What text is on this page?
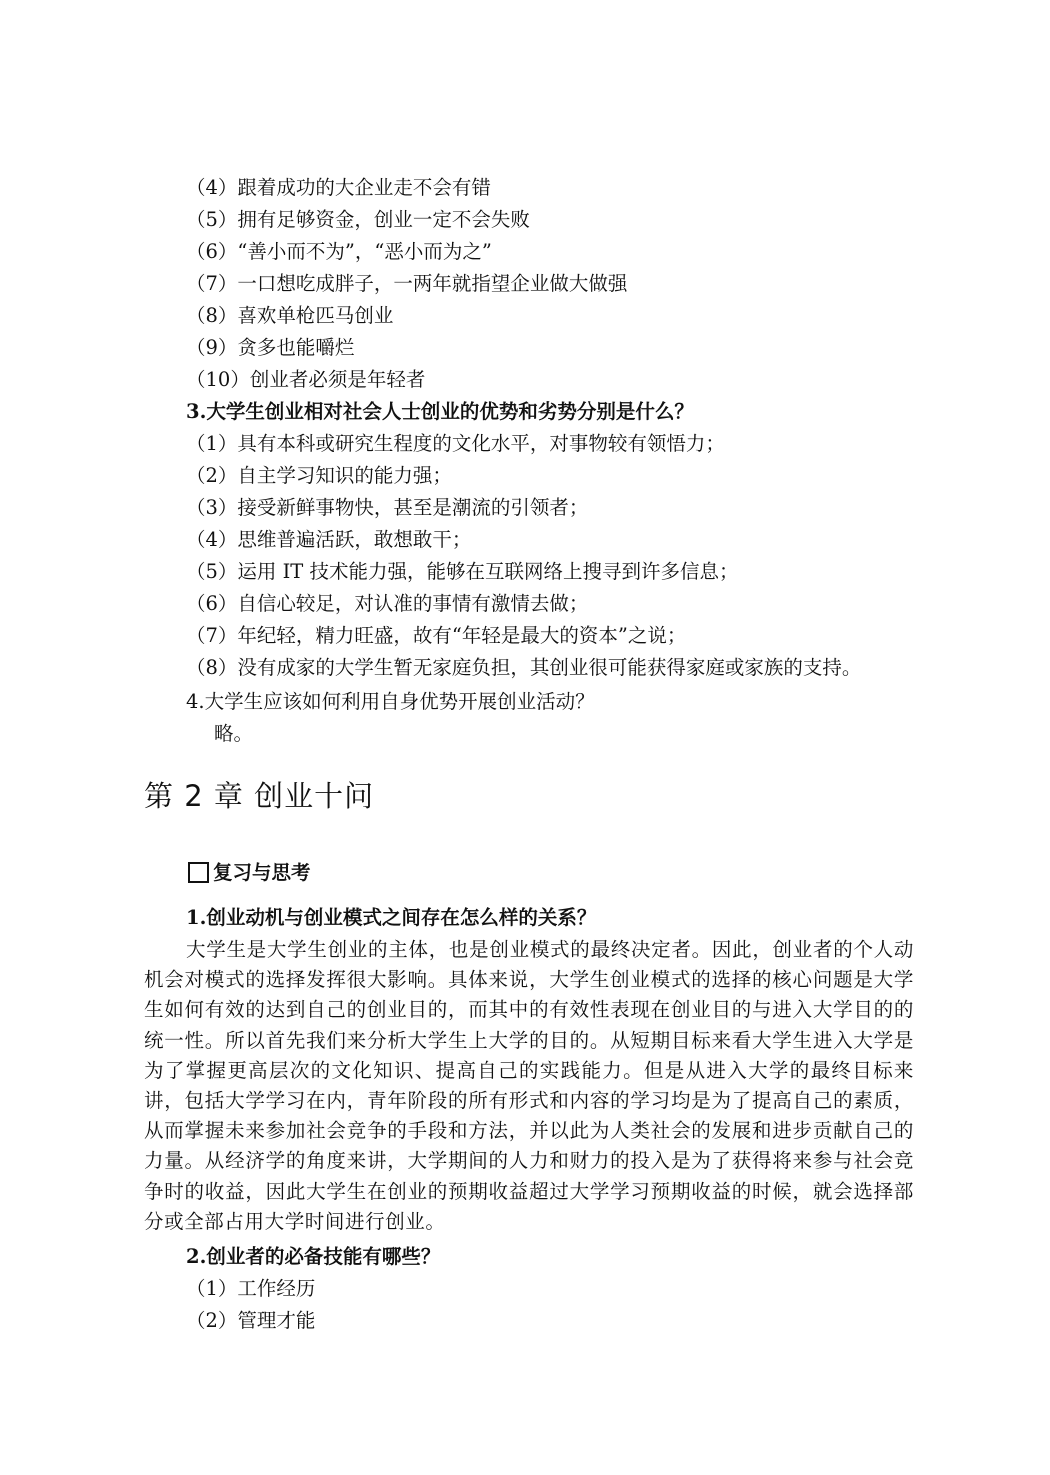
（4）跟着成功的大企业走不会有错
（5）拥有足够资金，创业一定不会失败
（6）“善小而不为”，“恶小而为之”
（7）一口想吃成胖子，一两年就指望企业做大做强
（8）喜欢单枪匹马创业
（9）贪多也能嚼烂
（10）创业者必须是年轻者
3.大学生创业相对社会人士创业的优势和劣势分别是什么？
（1）具有本科或研究生程度的文化水平，对事物较有领悟力；
（2）自主学习知识的能力强；
（3）接受新鲜事物快，甚至是潮流的引领者；
（4）思维普遍活跃，敢想敢干；
（5）运用 IT 技术能力强，能够在互联网络上搜寻到许多信息；
（6）自信心较足，对认准的事情有激情去做；
（7）年纪轻，精力旺盛，故有“年轻是最大的资本”之说；
（8）没有成家的大学生暂无家庭负担，其创业很可能获得家庭或家族的支持。
4.大学生应该如何利用自身优势开展创业活动？
略。
第 2 章 创业十问
复习与思考
1.创业动机与创业模式之间存在怎么样的关系？
大学生是大学生创业的主体，也是创业模式的最终决定者。因此，创业者的个人动机会对模式的选择发挥很大影响。具体来说，大学生创业模式的选择的核心问题是大学生如何有效的达到自己的创业目的，而其中的有效性表现在创业目的与进入大学目的的统一性。所以首先我们来分析大学生上大学的目的。从短期目标来看大学生进入大学是为了掌握更高层次的文化知识、提高自己的实践能力。但是从进入大学的最终目标来讲，包括大学学习在内，青年阶段的所有形式和内容的学习均是为了提高自己的素质，从而掌握未来参加社会竞争的手段和方法，并以此为人类社会的发展和进步贡献自己的力量。从经济学的角度来讲，大学期间的人力和财力的投入是为了获得将来参与社会竞争时的收益，因此大学生在创业的预期收益超过大学学习预期收益的时候，就会选择部分或全部占用大学时间进行创业。
2.创业者的必备技能有哪些？
（1）工作经历
（2）管理才能
